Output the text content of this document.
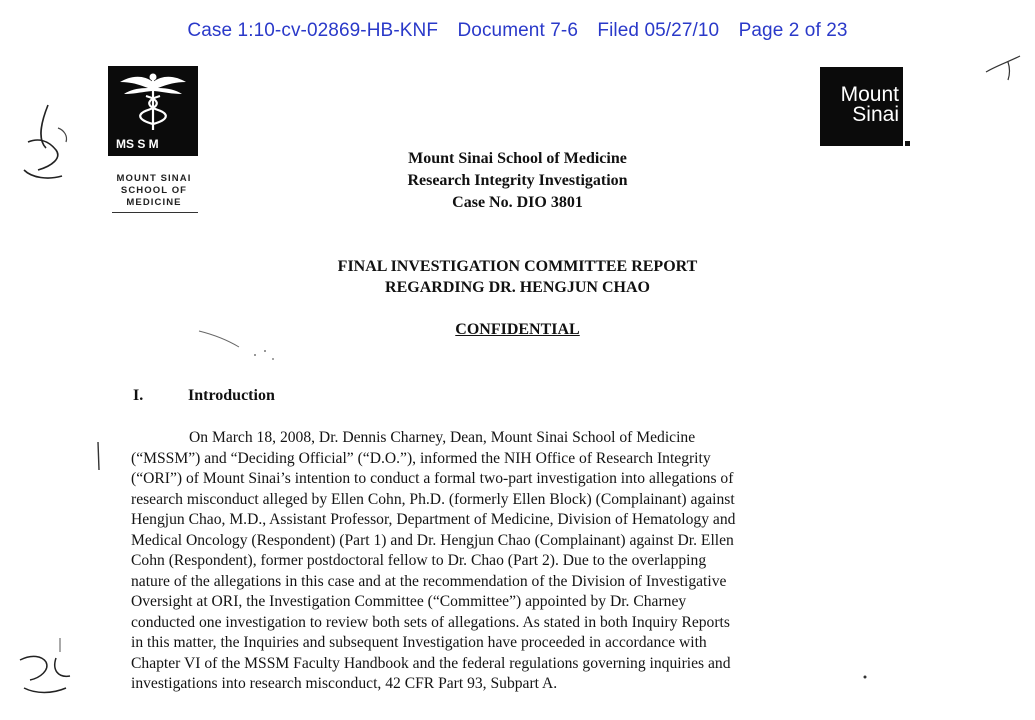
Case 1:10-cv-02869-HB-KNF Document 7-6 Filed 05/27/10 Page 2 of 23
MS S M
MOUNT SINAI
SCHOOL OF
MEDICINE
Mount
Sinai
Mount Sinai School of Medicine
Research Integrity Investigation
Case No. DIO 3801
FINAL INVESTIGATION COMMITTEE REPORT
REGARDING DR. HENGJUN CHAO
CONFIDENTIAL
I.	Introduction

On March 18, 2008, Dr. Dennis Charney, Dean, Mount Sinai School of Medicine
(“MSSM”) and “Deciding Official” (“D.O.”), informed the NIH Office of Research Integrity
(“ORI”) of Mount Sinai’s intention to conduct a formal two-part investigation into allegations of
research misconduct alleged by Ellen Cohn, Ph.D. (formerly Ellen Block) (Complainant) against
Hengjun Chao, M.D., Assistant Professor, Department of Medicine, Division of Hematology and
Medical Oncology (Respondent) (Part 1) and Dr. Hengjun Chao (Complainant) against Dr. Ellen
Cohn (Respondent), former postdoctoral fellow to Dr. Chao (Part 2). Due to the overlapping
nature of the allegations in this case and at the recommendation of the Division of Investigative
Oversight at ORI, the Investigation Committee (“Committee”) appointed by Dr. Charney
conducted one investigation to review both sets of allegations. As stated in both Inquiry Reports
in this matter, the Inquiries and subsequent Investigation have proceeded in accordance with
Chapter VI of the MSSM Faculty Handbook and the federal regulations governing inquiries and
investigations into research misconduct, 42 CFR Part 93, Subpart A.
